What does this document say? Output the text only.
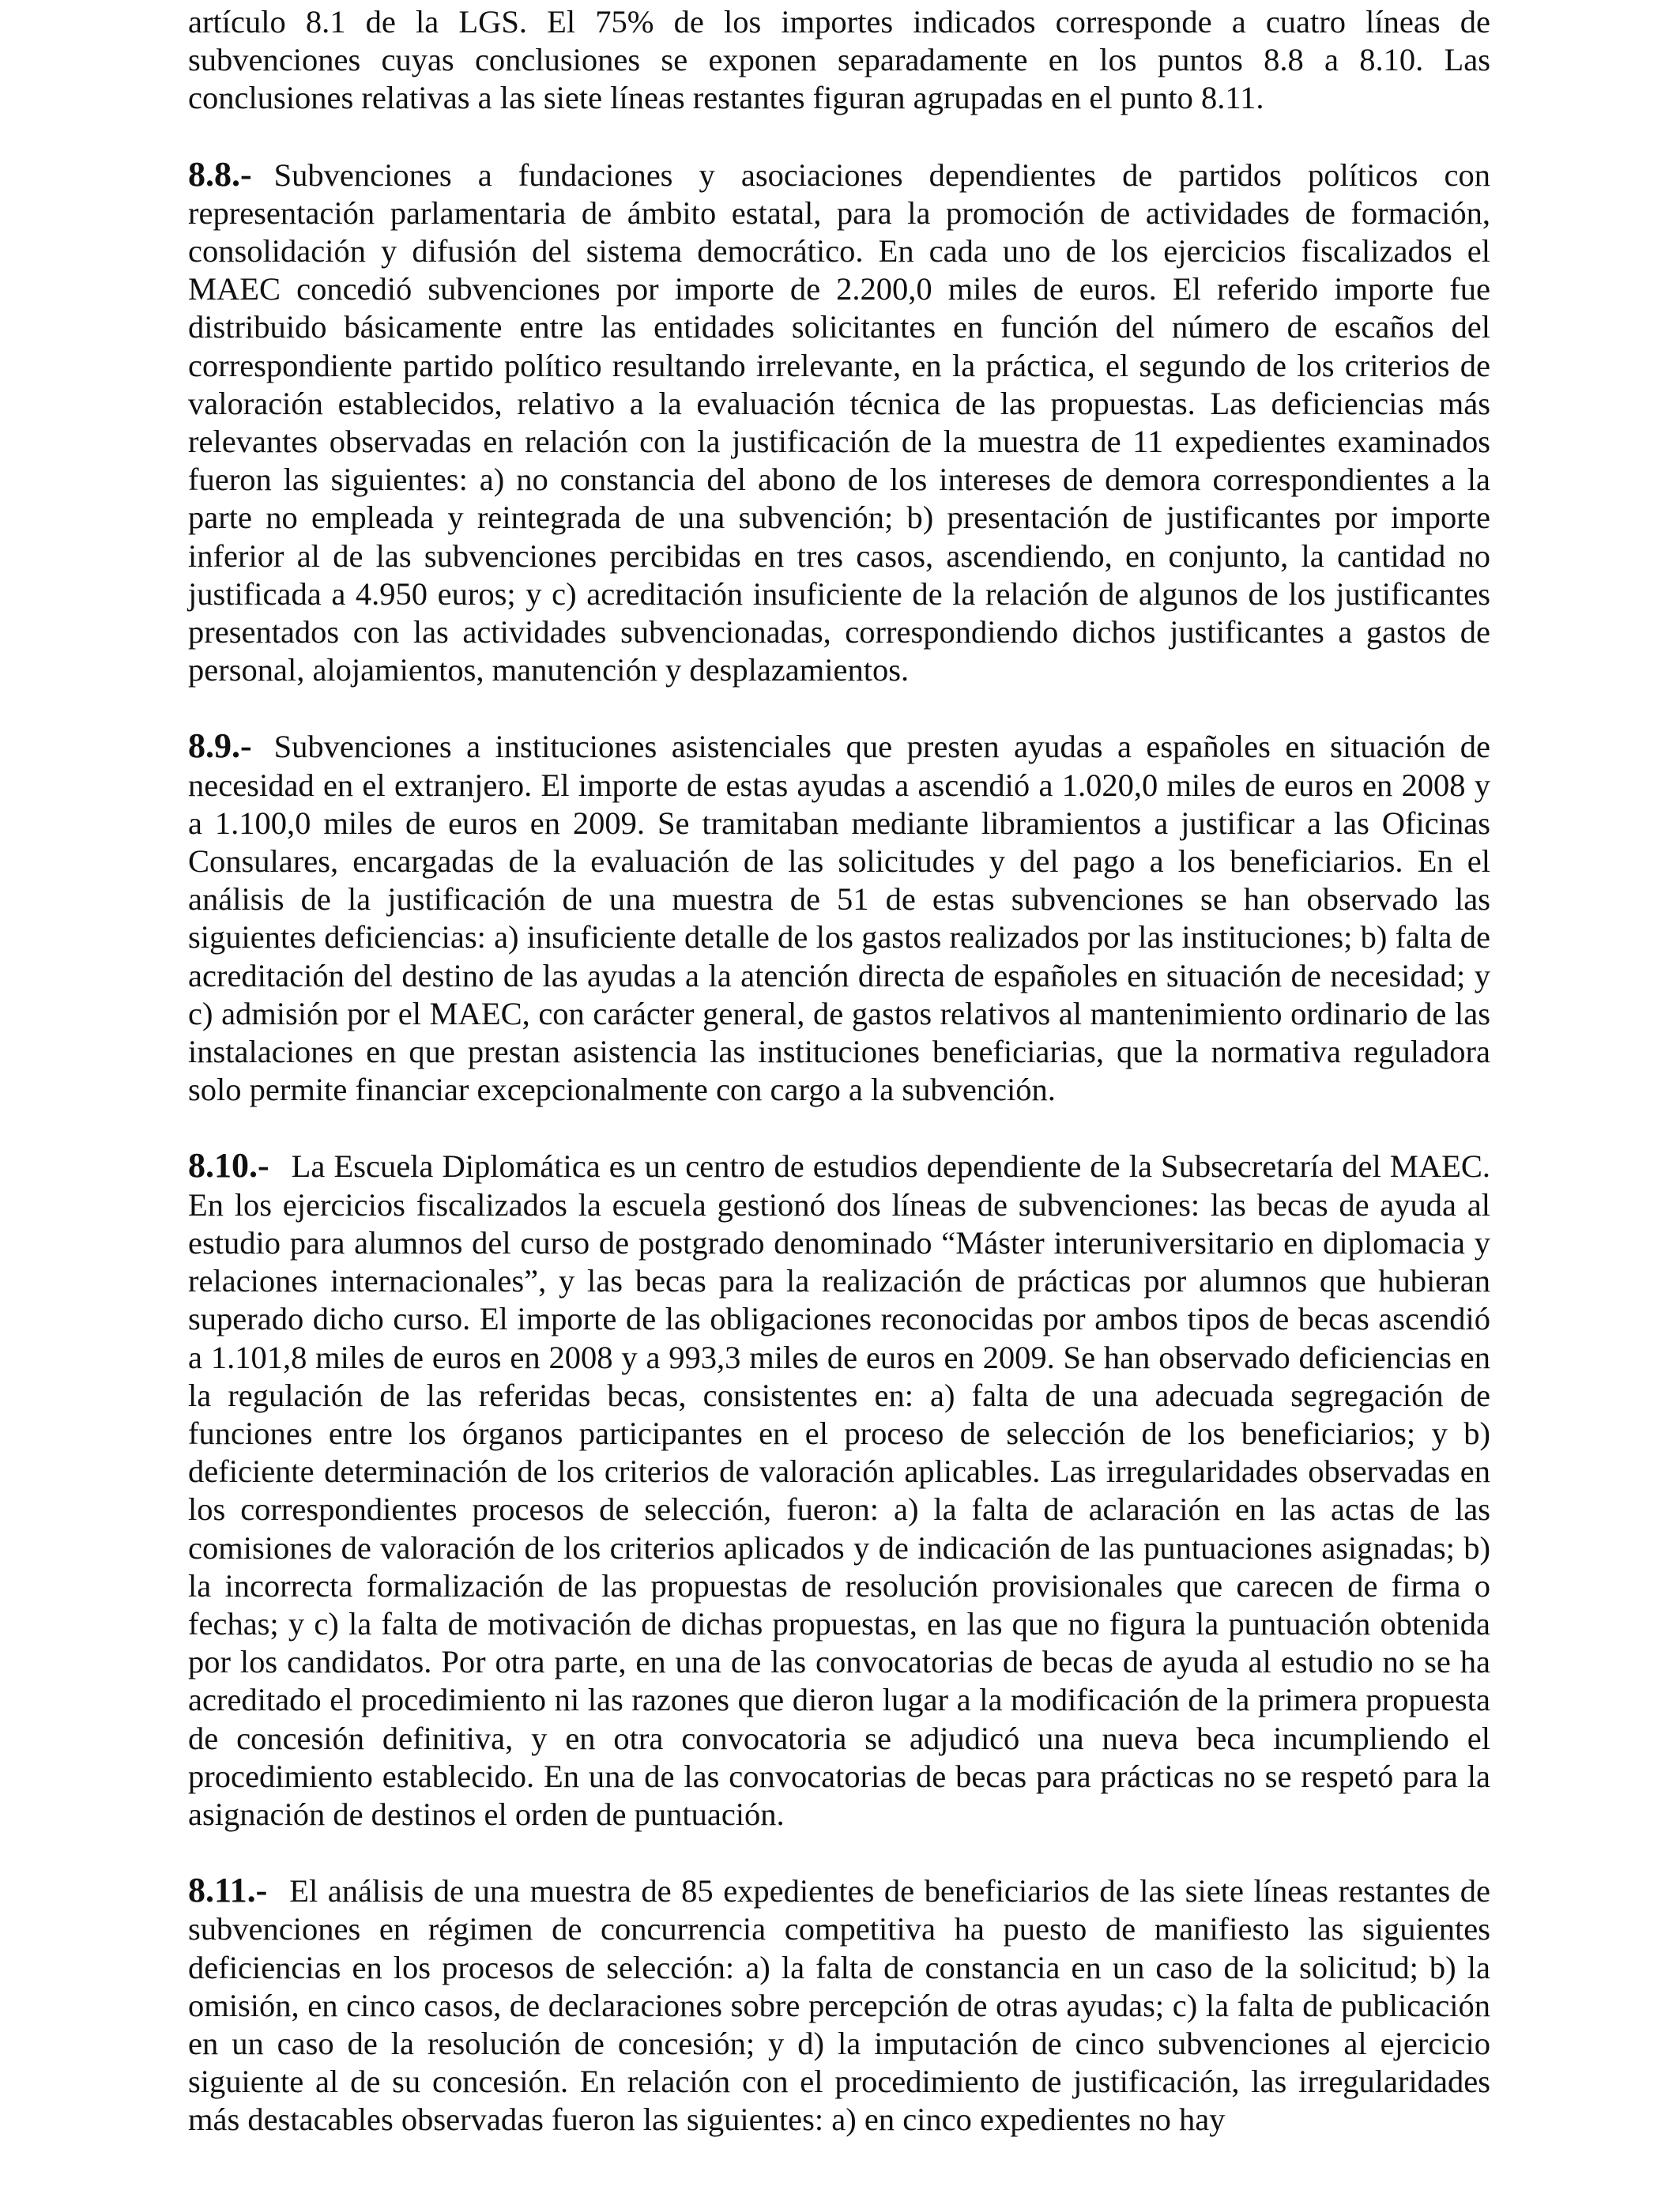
artículo 8.1 de la LGS. El 75% de los importes indicados corresponde a cuatro líneas de subvenciones cuyas conclusiones se exponen separadamente en los puntos 8.8 a 8.10. Las conclusiones relativas a las siete líneas restantes figuran agrupadas en el punto 8.11.

8.8.- Subvenciones a fundaciones y asociaciones dependientes de partidos políticos con representación parlamentaria de ámbito estatal, para la promoción de actividades de formación, consolidación y difusión del sistema democrático. En cada uno de los ejercicios fiscalizados el MAEC concedió subvenciones por importe de 2.200,0 miles de euros. El referido importe fue distribuido básicamente entre las entidades solicitantes en función del número de escaños del correspondiente partido político resultando irrelevante, en la práctica, el segundo de los criterios de valoración establecidos, relativo a la evaluación técnica de las propuestas. Las deficiencias más relevantes observadas en relación con la justificación de la muestra de 11 expedientes examinados fueron las siguientes: a) no constancia del abono de los intereses de demora correspondientes a la parte no empleada y reintegrada de una subvención; b) presentación de justificantes por importe inferior al de las subvenciones percibidas en tres casos, ascendiendo, en conjunto, la cantidad no justificada a 4.950 euros; y c) acreditación insuficiente de la relación de algunos de los justificantes presentados con las actividades subvencionadas, correspondiendo dichos justificantes a gastos de personal, alojamientos, manutención y desplazamientos.

8.9.- Subvenciones a instituciones asistenciales que presten ayudas a españoles en situación de necesidad en el extranjero. El importe de estas ayudas a ascendió a 1.020,0 miles de euros en 2008 y a 1.100,0 miles de euros en 2009. Se tramitaban mediante libramientos a justificar a las Oficinas Consulares, encargadas de la evaluación de las solicitudes y del pago a los beneficiarios. En el análisis de la justificación de una muestra de 51 de estas subvenciones se han observado las siguientes deficiencias: a) insuficiente detalle de los gastos realizados por las instituciones; b) falta de acreditación del destino de las ayudas a la atención directa de españoles en situación de necesidad; y c) admisión por el MAEC, con carácter general, de gastos relativos al mantenimiento ordinario de las instalaciones en que prestan asistencia las instituciones beneficiarias, que la normativa reguladora solo permite financiar excepcionalmente con cargo a la subvención.

8.10.- La Escuela Diplomática es un centro de estudios dependiente de la Subsecretaría del MAEC. En los ejercicios fiscalizados la escuela gestionó dos líneas de subvenciones: las becas de ayuda al estudio para alumnos del curso de postgrado denominado “Máster interuniversitario en diplomacia y relaciones internacionales”, y las becas para la realización de prácticas por alumnos que hubieran superado dicho curso. El importe de las obligaciones reconocidas por ambos tipos de becas ascendió a 1.101,8 miles de euros en 2008 y a 993,3 miles de euros en 2009. Se han observado deficiencias en la regulación de las referidas becas, consistentes en: a) falta de una adecuada segregación de funciones entre los órganos participantes en el proceso de selección de los beneficiarios; y b) deficiente determinación de los criterios de valoración aplicables. Las irregularidades observadas en los correspondientes procesos de selección, fueron: a) la falta de aclaración en las actas de las comisiones de valoración de los criterios aplicados y de indicación de las puntuaciones asignadas; b) la incorrecta formalización de las propuestas de resolución provisionales que carecen de firma o fechas; y c) la falta de motivación de dichas propuestas, en las que no figura la puntuación obtenida por los candidatos. Por otra parte, en una de las convocatorias de becas de ayuda al estudio no se ha acreditado el procedimiento ni las razones que dieron lugar a la modificación de la primera propuesta de concesión definitiva, y en otra convocatoria se adjudicó una nueva beca incumpliendo el procedimiento establecido. En una de las convocatorias de becas para prácticas no se respetó para la asignación de destinos el orden de puntuación.

8.11.- El análisis de una muestra de 85 expedientes de beneficiarios de las siete líneas restantes de subvenciones en régimen de concurrencia competitiva ha puesto de manifiesto las siguientes deficiencias en los procesos de selección: a) la falta de constancia en un caso de la solicitud; b) la omisión, en cinco casos, de declaraciones sobre percepción de otras ayudas; c) la falta de publicación en un caso de la resolución de concesión; y d) la imputación de cinco subvenciones al ejercicio siguiente al de su concesión. En relación con el procedimiento de justificación, las irregularidades más destacables observadas fueron las siguientes: a) en cinco expedientes no hay
